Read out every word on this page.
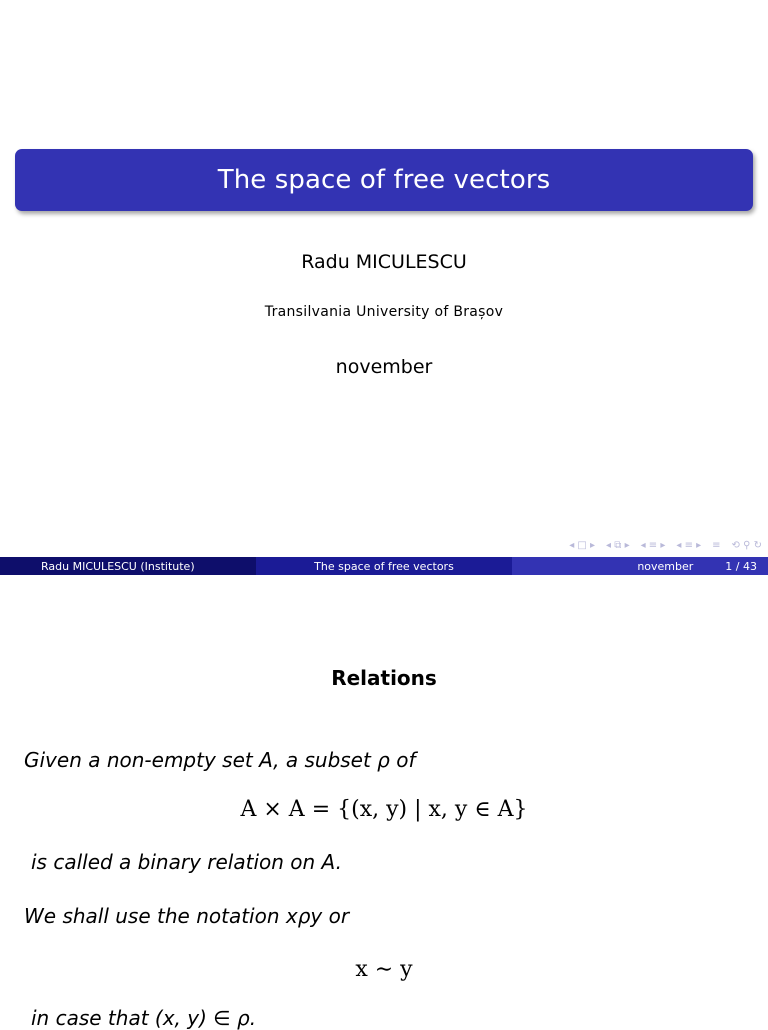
The space of free vectors
Radu MICULESCU
Transilvania University of Brașov
november
◂ □ ▸ ◂ ⧉ ▸ ◂ ≡ ▸ ◂ ≡ ▸ ≡ ⟲ ⚲ ↻
Radu MICULESCU (Institute)	The space of free vectors	november	1 / 43
Relations
Given a non-empty set A, a subset ρ of
A × A = {(x, y) | x, y ∈ A}
is called a binary relation on A.
We shall use the notation xρy or
x ∼ y
in case that (x, y) ∈ ρ.
